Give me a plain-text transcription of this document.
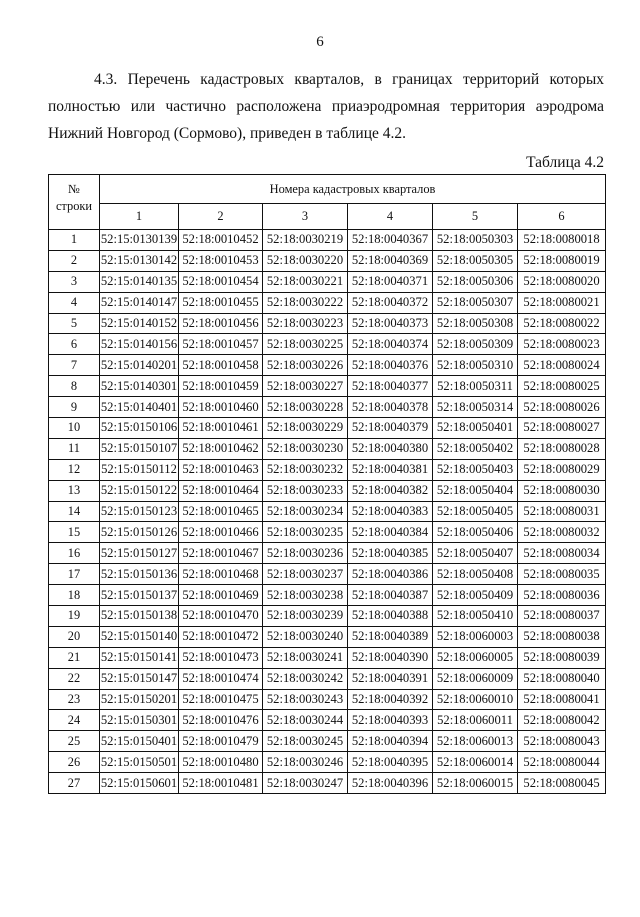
6

4.3. Перечень кадастровых кварталов, в границах территорий которых
полностью или частично расположена приаэродромная территория аэродрома
Нижний Новгород (Сормово), приведен в таблице 4.2.

Таблица 4.2
№
строки	Номера кадастровых кварталов					
	1	2	3	4	5	6
1	52:15:0130139	52:18:0010452	52:18:0030219	52:18:0040367	52:18:0050303	52:18:0080018
2	52:15:0130142	52:18:0010453	52:18:0030220	52:18:0040369	52:18:0050305	52:18:0080019
3	52:15:0140135	52:18:0010454	52:18:0030221	52:18:0040371	52:18:0050306	52:18:0080020
4	52:15:0140147	52:18:0010455	52:18:0030222	52:18:0040372	52:18:0050307	52:18:0080021
5	52:15:0140152	52:18:0010456	52:18:0030223	52:18:0040373	52:18:0050308	52:18:0080022
6	52:15:0140156	52:18:0010457	52:18:0030225	52:18:0040374	52:18:0050309	52:18:0080023
7	52:15:0140201	52:18:0010458	52:18:0030226	52:18:0040376	52:18:0050310	52:18:0080024
8	52:15:0140301	52:18:0010459	52:18:0030227	52:18:0040377	52:18:0050311	52:18:0080025
9	52:15:0140401	52:18:0010460	52:18:0030228	52:18:0040378	52:18:0050314	52:18:0080026
10	52:15:0150106	52:18:0010461	52:18:0030229	52:18:0040379	52:18:0050401	52:18:0080027
11	52:15:0150107	52:18:0010462	52:18:0030230	52:18:0040380	52:18:0050402	52:18:0080028
12	52:15:0150112	52:18:0010463	52:18:0030232	52:18:0040381	52:18:0050403	52:18:0080029
13	52:15:0150122	52:18:0010464	52:18:0030233	52:18:0040382	52:18:0050404	52:18:0080030
14	52:15:0150123	52:18:0010465	52:18:0030234	52:18:0040383	52:18:0050405	52:18:0080031
15	52:15:0150126	52:18:0010466	52:18:0030235	52:18:0040384	52:18:0050406	52:18:0080032
16	52:15:0150127	52:18:0010467	52:18:0030236	52:18:0040385	52:18:0050407	52:18:0080034
17	52:15:0150136	52:18:0010468	52:18:0030237	52:18:0040386	52:18:0050408	52:18:0080035
18	52:15:0150137	52:18:0010469	52:18:0030238	52:18:0040387	52:18:0050409	52:18:0080036
19	52:15:0150138	52:18:0010470	52:18:0030239	52:18:0040388	52:18:0050410	52:18:0080037
20	52:15:0150140	52:18:0010472	52:18:0030240	52:18:0040389	52:18:0060003	52:18:0080038
21	52:15:0150141	52:18:0010473	52:18:0030241	52:18:0040390	52:18:0060005	52:18:0080039
22	52:15:0150147	52:18:0010474	52:18:0030242	52:18:0040391	52:18:0060009	52:18:0080040
23	52:15:0150201	52:18:0010475	52:18:0030243	52:18:0040392	52:18:0060010	52:18:0080041
24	52:15:0150301	52:18:0010476	52:18:0030244	52:18:0040393	52:18:0060011	52:18:0080042
25	52:15:0150401	52:18:0010479	52:18:0030245	52:18:0040394	52:18:0060013	52:18:0080043
26	52:15:0150501	52:18:0010480	52:18:0030246	52:18:0040395	52:18:0060014	52:18:0080044
27	52:15:0150601	52:18:0010481	52:18:0030247	52:18:0040396	52:18:0060015	52:18:0080045
